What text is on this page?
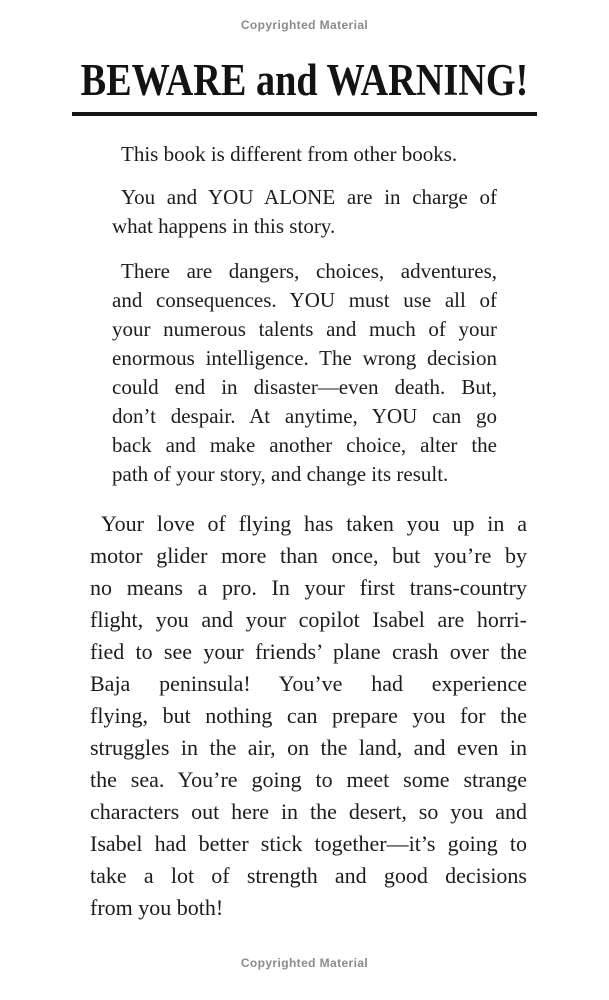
Copyrighted Material
BEWARE and WARNING!

This book is different from other books.

You and YOU ALONE are in charge of
what happens in this story.

There are dangers, choices, adventures,
and consequences. YOU must use all of
your numerous talents and much of your
enormous intelligence. The wrong decision
could end in disaster—even death. But,
don’t despair. At anytime, YOU can go
back and make another choice, alter the
path of your story, and change its result.

Your love of flying has taken you up in a
motor glider more than once, but you’re by
no means a pro. In your first trans-country
flight, you and your copilot Isabel are horri-
fied to see your friends’ plane crash over the
Baja peninsula! You’ve had experience
flying, but nothing can prepare you for the
struggles in the air, on the land, and even in
the sea. You’re going to meet some strange
characters out here in the desert, so you and
Isabel had better stick together—it’s going to
take a lot of strength and good decisions
from you both!
Copyrighted Material
